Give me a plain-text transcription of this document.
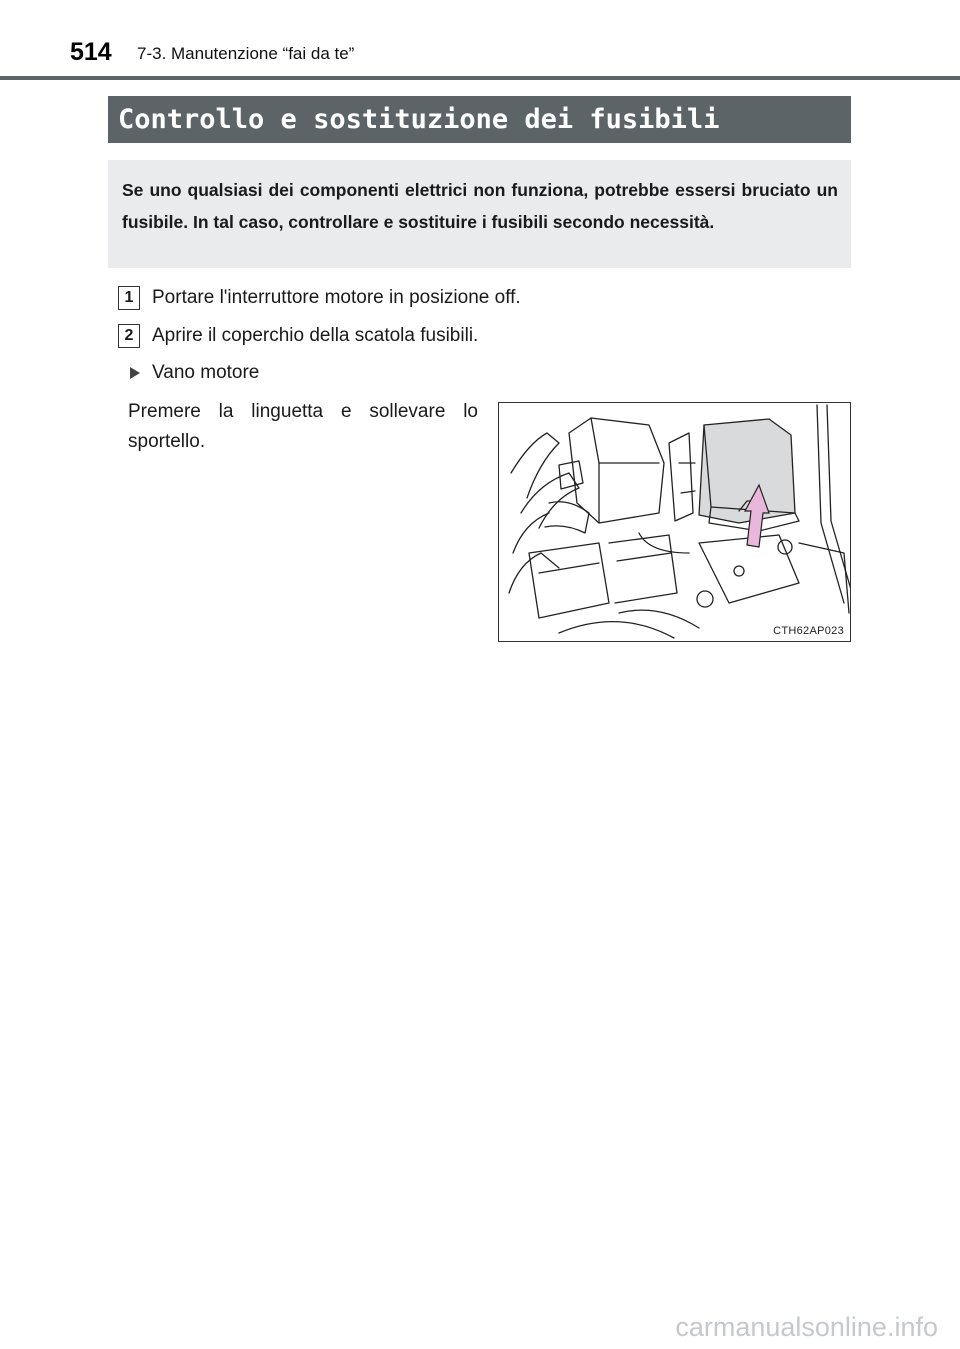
514 7-3. Manutenzione “fai da te”
Controllo e sostituzione dei fusibili
Se uno qualsiasi dei componenti elettrici non funziona, potrebbe essersi bruciato un fusibile. In tal caso, controllare e sostituire i fusibili secondo necessità.
1 Portare l'interruttore motore in posizione off.
2 Aprire il coperchio della scatola fusibili.
Vano motore
Premere la linguetta e sollevare lo sportello.
CTH62AP023
carmanualsonline.info
